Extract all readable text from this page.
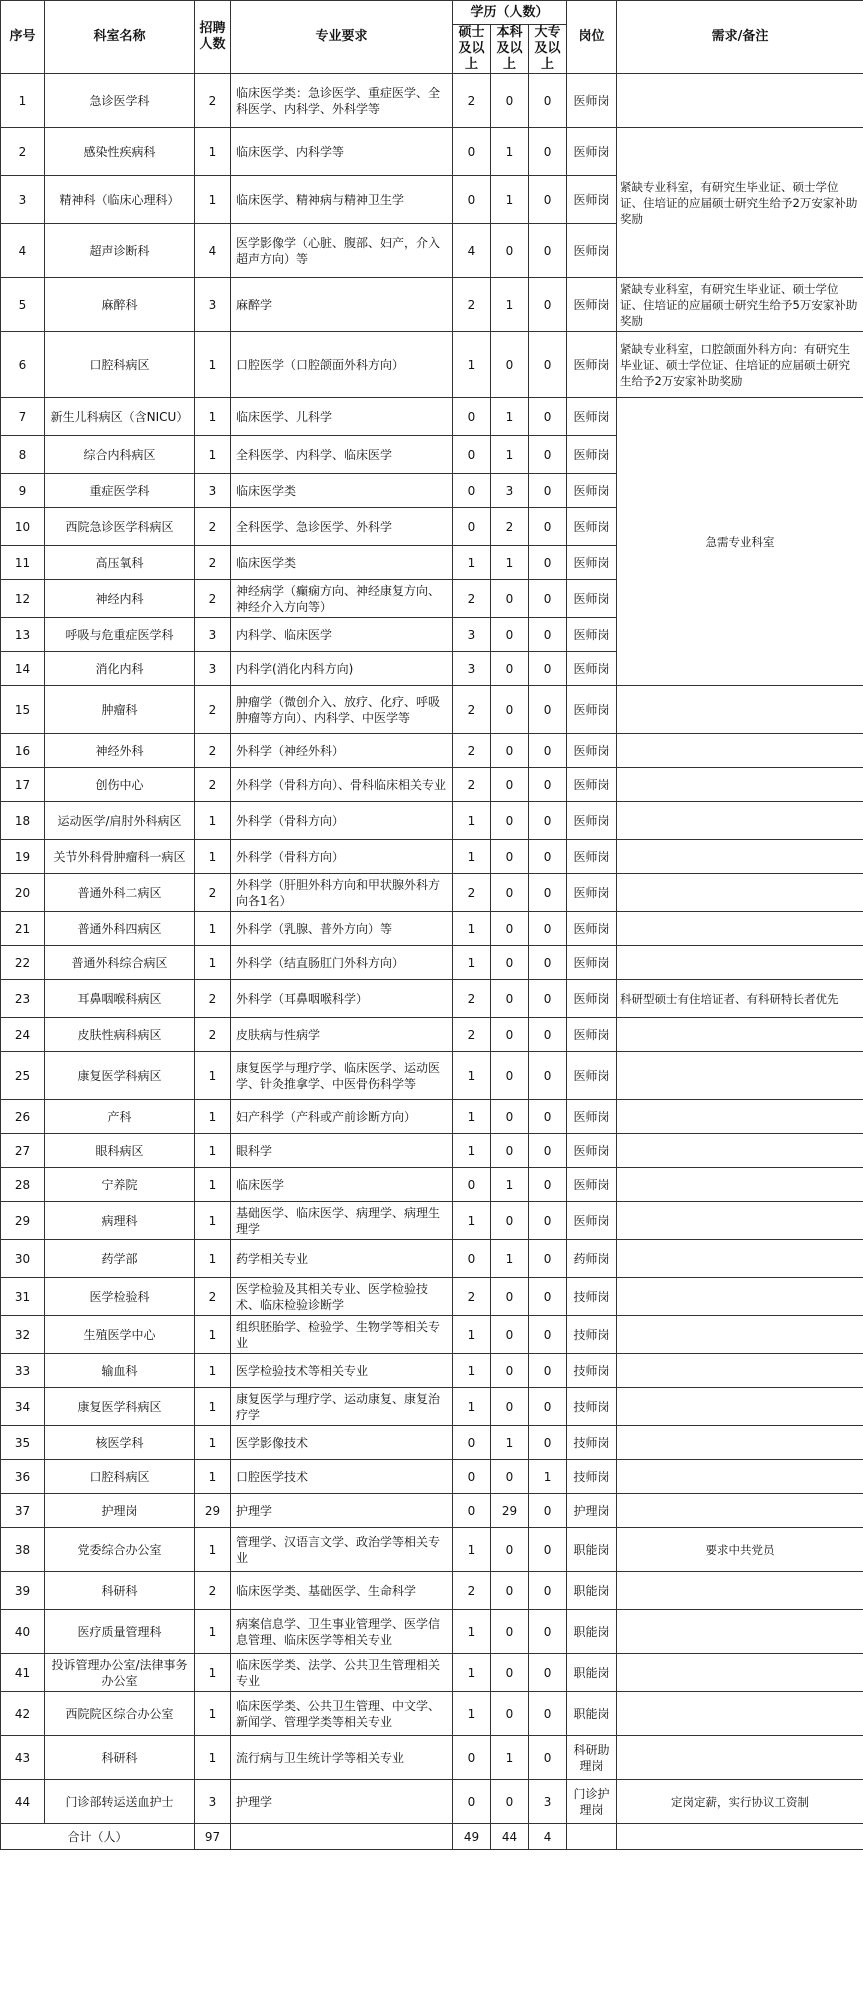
序号	科室名称	招聘人数	专业要求	学历（人数）			岗位	需求/备注
				硕士及以上	本科及以上	大专及以上		
1	急诊医学科	2	临床医学类：急诊医学、重症医学、全科医学、内科学、外科学等	2	0	0	医师岗	
2	感染性疾病科	1	临床医学、内科学等	0	1	0	医师岗	紧缺专业科室，有研究生毕业证、硕士学位证、住培证的应届硕士研究生给予2万安家补助奖励
3	精神科（临床心理科）	1	临床医学、精神病与精神卫生学	0	1	0	医师岗	
4	超声诊断科	4	医学影像学（心脏、腹部、妇产，介入超声方向）等	4	0	0	医师岗	
5	麻醉科	3	麻醉学	2	1	0	医师岗	紧缺专业科室，有研究生毕业证、硕士学位证、住培证的应届硕士研究生给予5万安家补助奖励
6	口腔科病区	1	口腔医学（口腔颌面外科方向）	1	0	0	医师岗	紧缺专业科室，口腔颌面外科方向：有研究生毕业证、硕士学位证、住培证的应届硕士研究生给予2万安家补助奖励
7	新生儿科病区（含NICU）	1	临床医学、儿科学	0	1	0	医师岗	急需专业科室
8	综合内科病区	1	全科医学、内科学、临床医学	0	1	0	医师岗	
9	重症医学科	3	临床医学类	0	3	0	医师岗	
10	西院急诊医学科病区	2	全科医学、急诊医学、外科学	0	2	0	医师岗	
11	高压氧科	2	临床医学类	1	1	0	医师岗	
12	神经内科	2	神经病学（癫痫方向、神经康复方向、神经介入方向等）	2	0	0	医师岗	
13	呼吸与危重症医学科	3	内科学、临床医学	3	0	0	医师岗	
14	消化内科	3	内科学(消化内科方向)	3	0	0	医师岗	
15	肿瘤科	2	肿瘤学（微创介入、放疗、化疗、呼吸肿瘤等方向）、内科学、中医学等	2	0	0	医师岗	
16	神经外科	2	外科学（神经外科）	2	0	0	医师岗	
17	创伤中心	2	外科学（骨科方向）、骨科临床相关专业	2	0	0	医师岗	
18	运动医学/肩肘外科病区	1	外科学（骨科方向）	1	0	0	医师岗	
19	关节外科骨肿瘤科一病区	1	外科学（骨科方向）	1	0	0	医师岗	
20	普通外科二病区	2	外科学（肝胆外科方向和甲状腺外科方向各1名）	2	0	0	医师岗	
21	普通外科四病区	1	外科学（乳腺、普外方向）等	1	0	0	医师岗	
22	普通外科综合病区	1	外科学（结直肠肛门外科方向）	1	0	0	医师岗	
23	耳鼻咽喉科病区	2	外科学（耳鼻咽喉科学）	2	0	0	医师岗	科研型硕士有住培证者、有科研特长者优先
24	皮肤性病科病区	2	皮肤病与性病学	2	0	0	医师岗	
25	康复医学科病区	1	康复医学与理疗学、临床医学、运动医学、针灸推拿学、中医骨伤科学等	1	0	0	医师岗	
26	产科	1	妇产科学（产科或产前诊断方向）	1	0	0	医师岗	
27	眼科病区	1	眼科学	1	0	0	医师岗	
28	宁养院	1	临床医学	0	1	0	医师岗	
29	病理科	1	基础医学、临床医学、病理学、病理生理学	1	0	0	医师岗	
30	药学部	1	药学相关专业	0	1	0	药师岗	
31	医学检验科	2	医学检验及其相关专业、医学检验技术、临床检验诊断学	2	0	0	技师岗	
32	生殖医学中心	1	组织胚胎学、检验学、生物学等相关专业	1	0	0	技师岗	
33	输血科	1	医学检验技术等相关专业	1	0	0	技师岗	
34	康复医学科病区	1	康复医学与理疗学、运动康复、康复治疗学	1	0	0	技师岗	
35	核医学科	1	医学影像技术	0	1	0	技师岗	
36	口腔科病区	1	口腔医学技术	0	0	1	技师岗	
37	护理岗	29	护理学	0	29	0	护理岗	
38	党委综合办公室	1	管理学、汉语言文学、政治学等相关专业	1	0	0	职能岗	要求中共党员
39	科研科	2	临床医学类、基础医学、生命科学	2	0	0	职能岗	
40	医疗质量管理科	1	病案信息学、卫生事业管理学、医学信息管理、临床医学等相关专业	1	0	0	职能岗	
41	投诉管理办公室/法律事务办公室	1	临床医学类、法学、公共卫生管理相关专业	1	0	0	职能岗	
42	西院院区综合办公室	1	临床医学类、公共卫生管理、中文学、新闻学、管理学类等相关专业	1	0	0	职能岗	
43	科研科	1	流行病与卫生统计学等相关专业	0	1	0	科研助理岗	
44	门诊部转运送血护士	3	护理学	0	0	3	门诊护理岗	定岗定薪，实行协议工资制
合计（人）		97		49	44	4		
